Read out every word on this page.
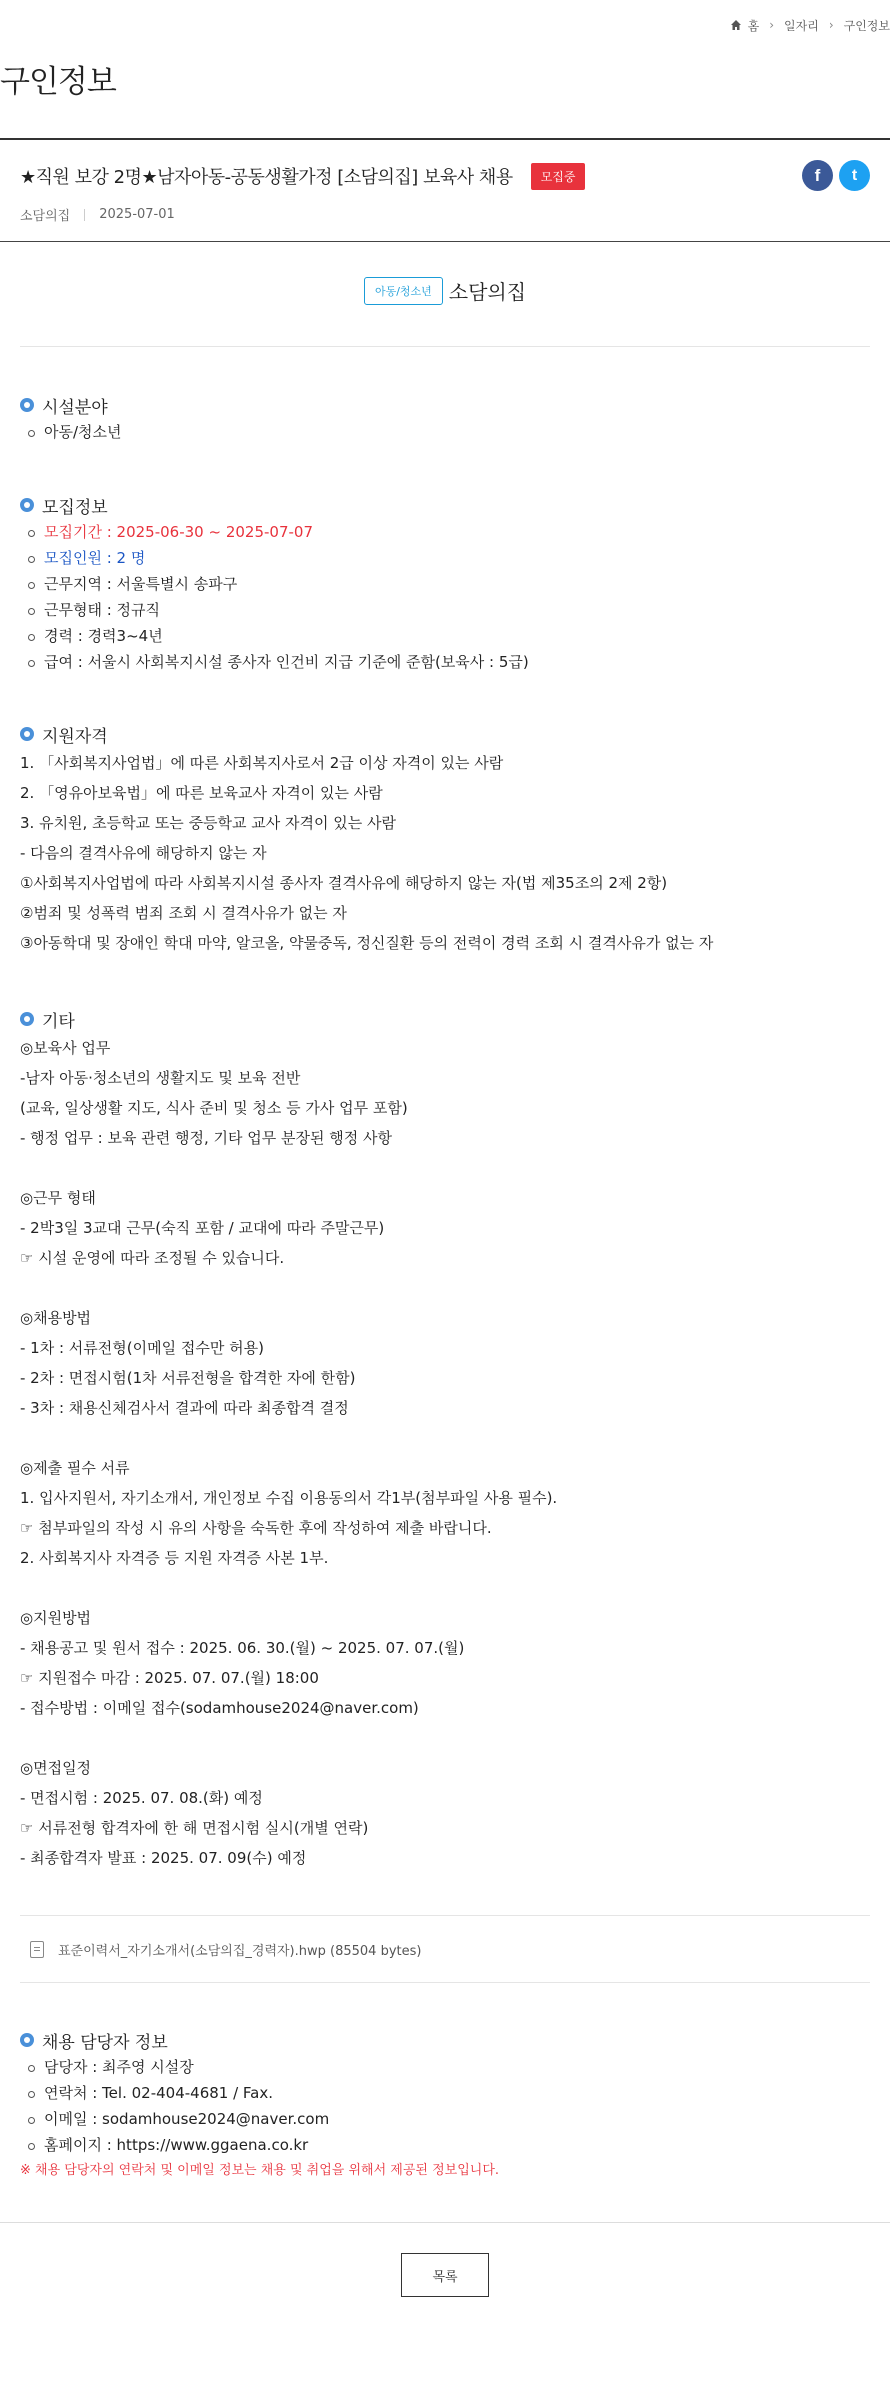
홈 › 일자리 › 구인정보
구인정보
★직원 보강 2명★남자아동-공동생활가정 [소담의집] 보육사 채용	모집중	f	t
소담의집 2025-07-01
아동/청소년 소담의집
시설분야
아동/청소년
모집정보
모집기간 : 2025-06-30 ~ 2025-07-07
모집인원 : 2 명
근무지역 : 서울특별시 송파구
근무형태 : 정규직
경력 : 경력3~4년
급여 : 서울시 사회복지시설 종사자 인건비 지급 기준에 준함(보육사 : 5급)
지원자격

1. 「사회복지사업법」에 따른 사회복지사로서 2급 이상 자격이 있는 사람

2. 「영유아보육법」에 따른 보육교사 자격이 있는 사람

3. 유치원, 초등학교 또는 중등학교 교사 자격이 있는 사람

- 다음의 결격사유에 해당하지 않는 자

①사회복지사업법에 따라 사회복지시설 종사자 결격사유에 해당하지 않는 자(법 제35조의 2제 2항)

②범죄 및 성폭력 범죄 조회 시 결격사유가 없는 자

③아동학대 및 장애인 학대 마약, 알코올, 약물중독, 정신질환 등의 전력이 경력 조회 시 결격사유가 없는 자

기타

◎보육사 업무

-남자 아동·청소년의 생활지도 및 보육 전반

(교육, 일상생활 지도, 식사 준비 및 청소 등 가사 업무 포함)

- 행정 업무 : 보육 관련 행정, 기타 업무 분장된 행정 사항

◎근무 형태

- 2박3일 3교대 근무(숙직 포함 / 교대에 따라 주말근무)

☞ 시설 운영에 따라 조정될 수 있습니다.

◎채용방법

- 1차 : 서류전형(이메일 접수만 허용)

- 2차 : 면접시험(1차 서류전형을 합격한 자에 한함)

- 3차 : 채용신체검사서 결과에 따라 최종합격 결정

◎제출 필수 서류

1. 입사지원서, 자기소개서, 개인정보 수집 이용동의서 각1부(첨부파일 사용 필수).

☞ 첨부파일의 작성 시 유의 사항을 숙독한 후에 작성하여 제출 바랍니다.

2. 사회복지사 자격증 등 지원 자격증 사본 1부.

◎지원방법

- 채용공고 및 원서 접수 : 2025. 06. 30.(월) ~ 2025. 07. 07.(월)

☞ 지원접수 마감 : 2025. 07. 07.(월) 18:00

- 접수방법 : 이메일 접수(sodamhouse2024@naver.com)

◎면접일정

- 면접시험 : 2025. 07. 08.(화) 예정

☞ 서류전형 합격자에 한 해 면접시험 실시(개별 연락)

- 최종합격자 발표 : 2025. 07. 09(수) 예정

표준이력서_자기소개서(소담의집_경력자).hwp (85504 bytes)
채용 담당자 정보
담당자 : 최주영 시설장
연락처 : Tel. 02-404-4681 / Fax.
이메일 : sodamhouse2024@naver.com
홈페이지 : https://www.ggaena.co.kr

※ 채용 담당자의 연락처 및 이메일 정보는 채용 및 취업을 위해서 제공된 정보입니다.

목록
